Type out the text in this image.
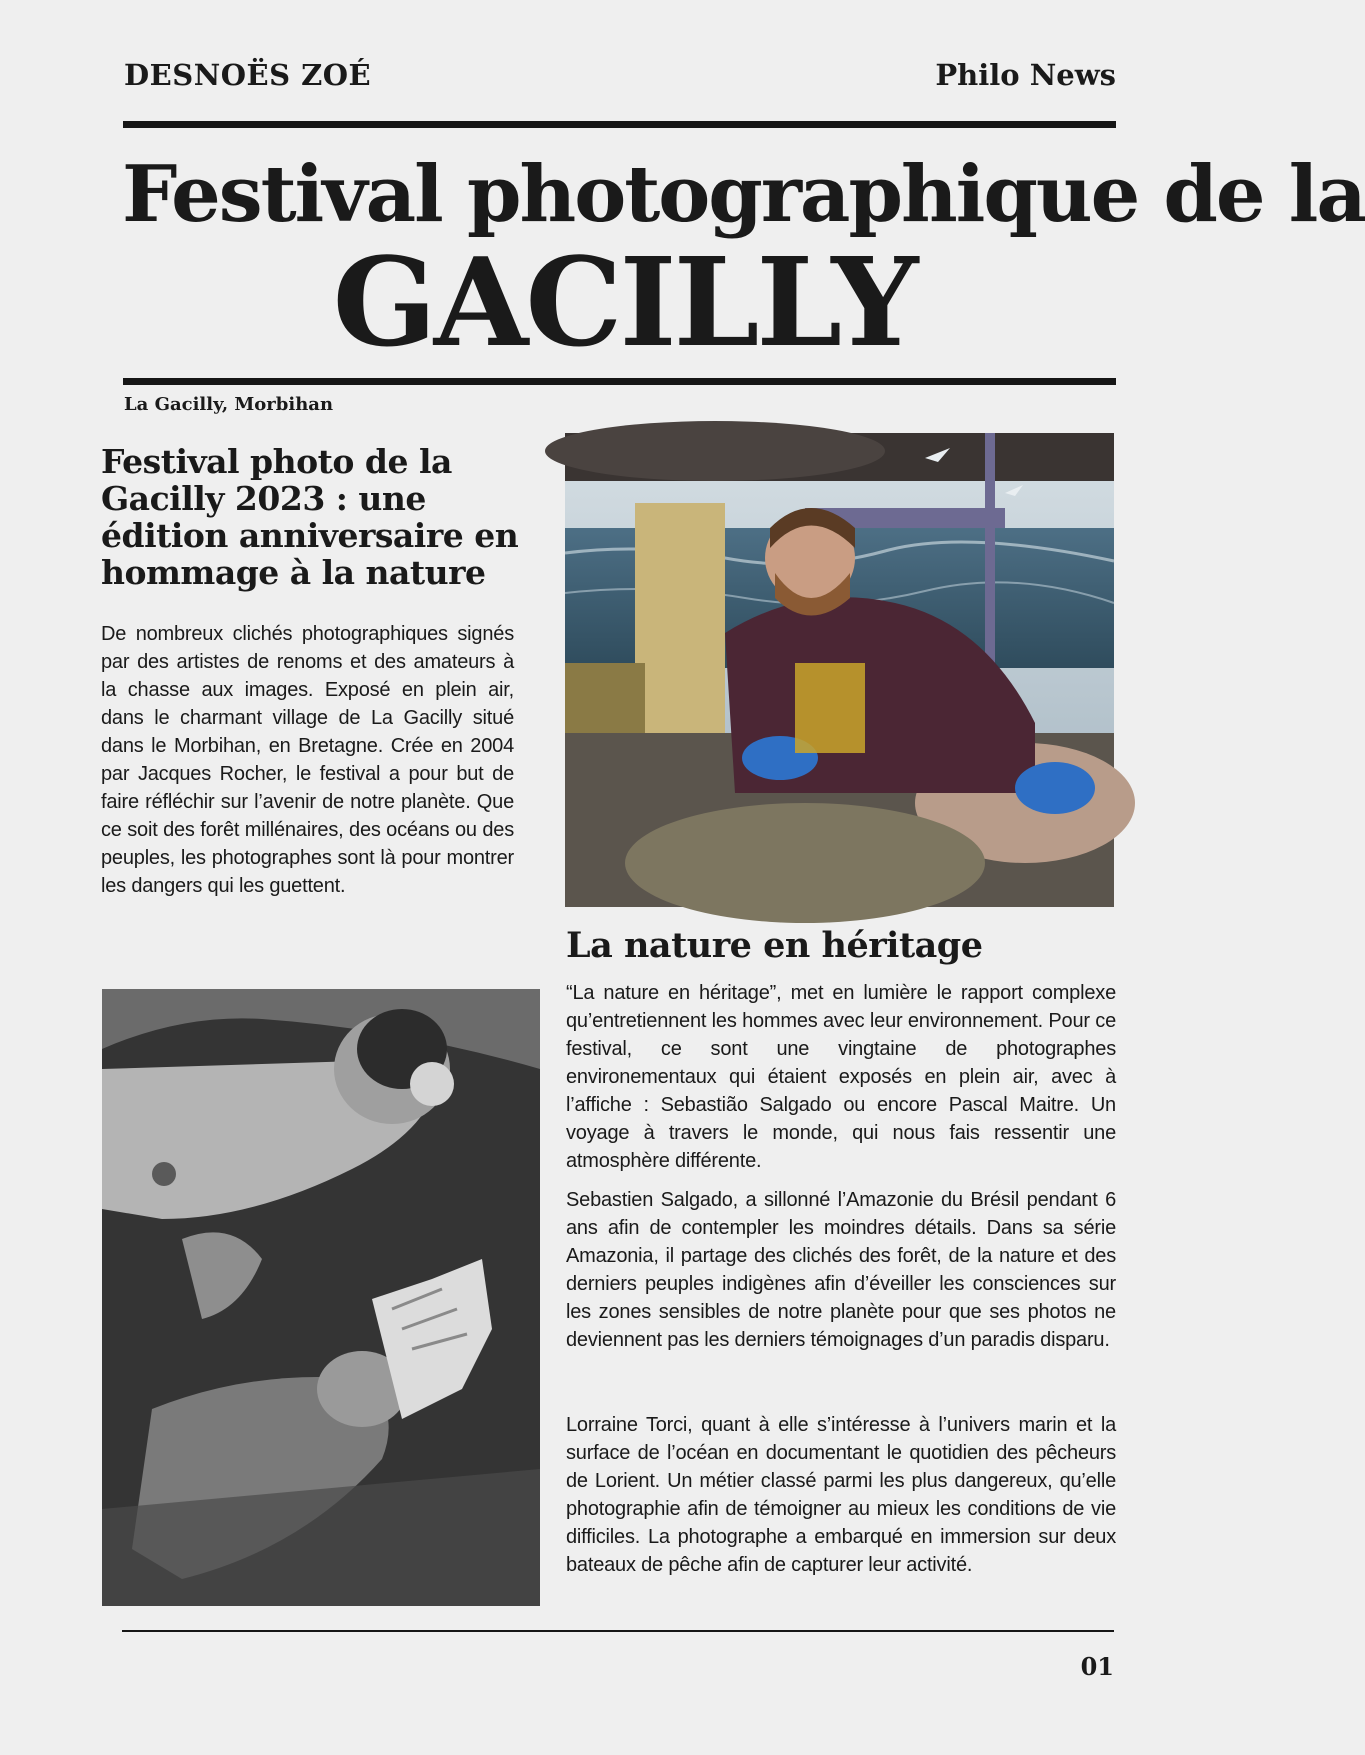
DESNOËS ZOÉ	Philo News
Festival photographique de la
GACILLY
La Gacilly, Morbihan
Festival photo de la Gacilly 2023 : une édition anniversaire en hommage à la nature

De nombreux clichés photographiques signés par des artistes de renoms et des amateurs à la chasse aux images. Exposé en plein air, dans le charmant village de La Gacilly situé dans le Morbihan, en Bretagne. Crée en 2004 par Jacques Rocher, le festival a pour but de faire réfléchir sur l’avenir de notre planète. Que ce soit des forêt millénaires, des océans ou des peuples, les photographes sont là pour montrer les dangers qui les guettent.

La nature en héritage

“La nature en héritage”, met en lumière le rapport complexe qu’entretiennent les hommes avec leur environnement. Pour ce festival, ce sont une vingtaine de photographes environementaux qui étaient exposés en plein air, avec à l’affiche : Sebastião Salgado ou encore Pascal Maitre. Un voyage à travers le monde, qui nous fais ressentir une atmosphère différente.

Sebastien Salgado, a sillonné l’Amazonie du Brésil pendant 6 ans afin de contempler les moindres détails. Dans sa série Amazonia, il partage des clichés des forêt, de la nature et des derniers peuples indigènes afin d’éveiller les consciences sur les zones sensibles de notre planète pour que ses photos ne deviennent pas les derniers témoignages d’un paradis disparu.

Lorraine Torci, quant à elle s’intéresse à l’univers marin et la surface de l’océan en documentant le quotidien des pêcheurs de Lorient. Un métier classé parmi les plus dangereux, qu’elle photographie afin de témoigner au mieux les conditions de vie difficiles. La photographe a embarqué en immersion sur deux bateaux de pêche afin de capturer leur activité.

01
